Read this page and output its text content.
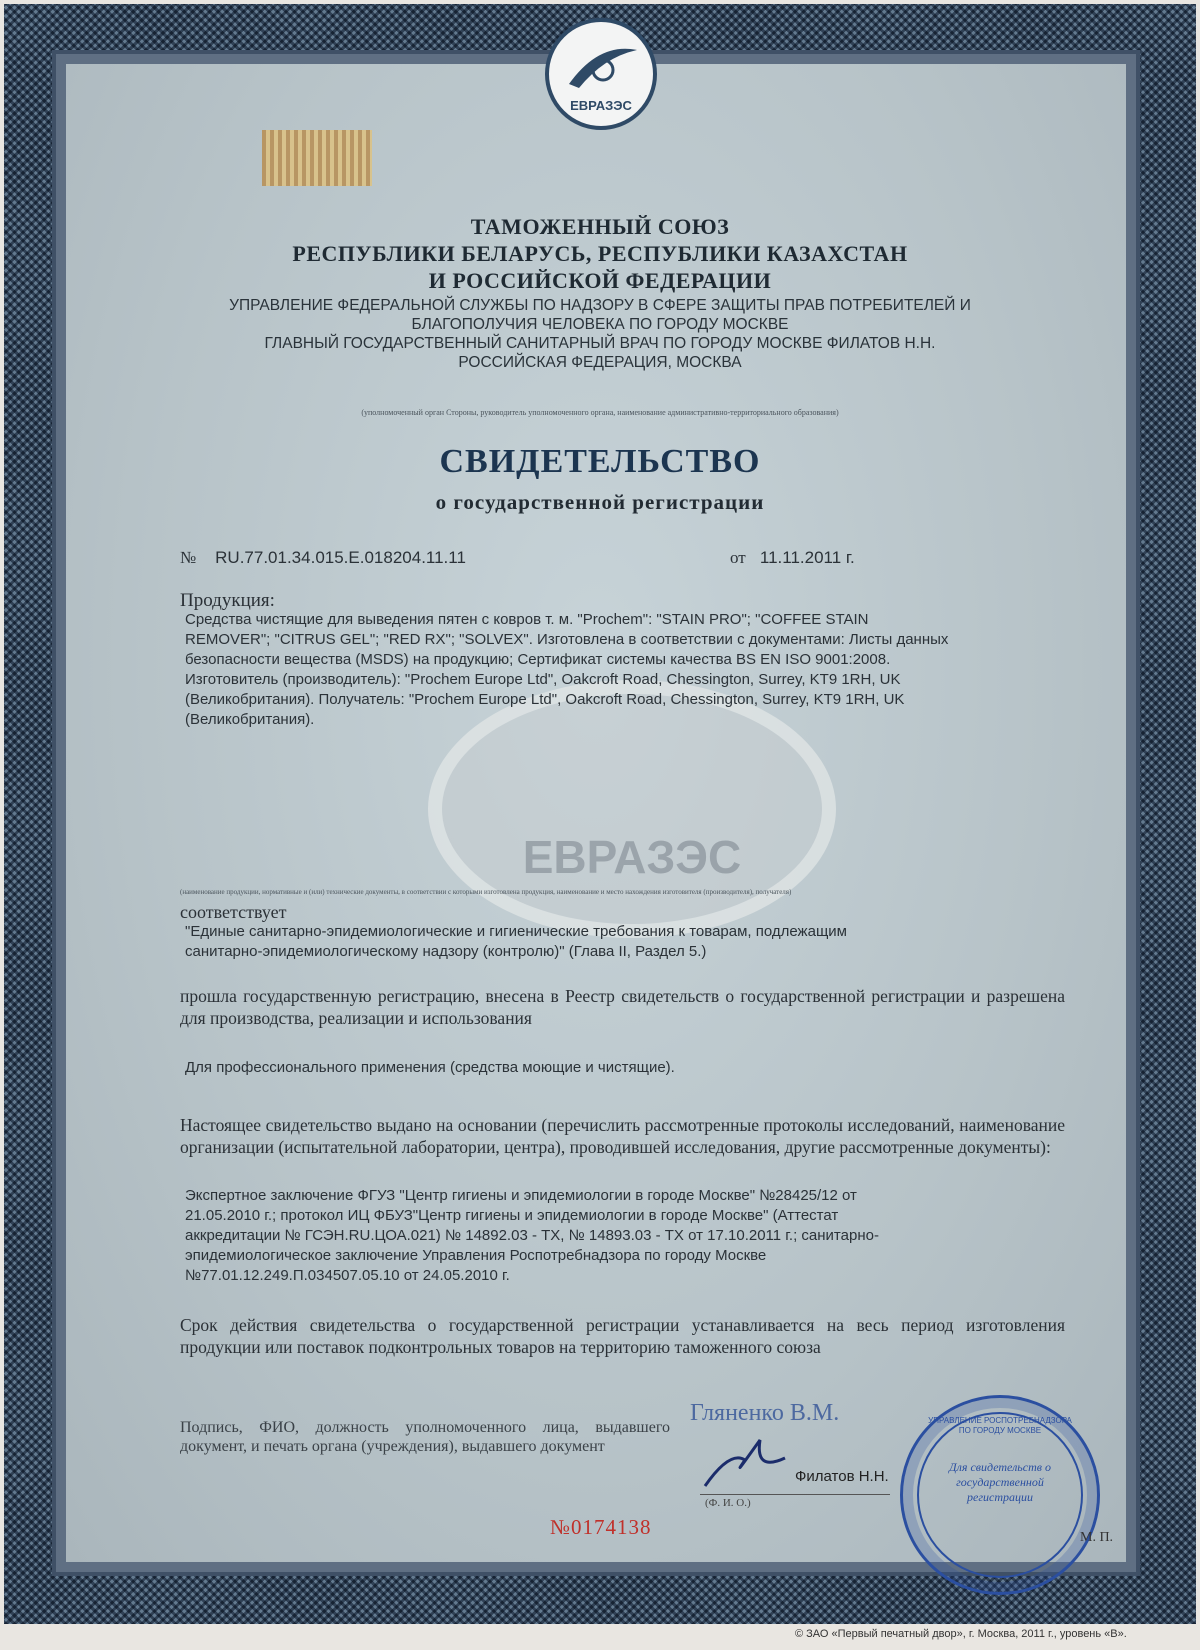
ЕВРАЗЭС
ТАМОЖЕННЫЙ СОЮЗ
РЕСПУБЛИКИ БЕЛАРУСЬ, РЕСПУБЛИКИ КАЗАХСТАН
И РОССИЙСКОЙ ФЕДЕРАЦИИ
УПРАВЛЕНИЕ ФЕДЕРАЛЬНОЙ СЛУЖБЫ ПО НАДЗОРУ В СФЕРЕ ЗАЩИТЫ ПРАВ ПОТРЕБИТЕЛЕЙ И
БЛАГОПОЛУЧИЯ ЧЕЛОВЕКА ПО ГОРОДУ МОСКВЕ
ГЛАВНЫЙ ГОСУДАРСТВЕННЫЙ САНИТАРНЫЙ ВРАЧ ПО ГОРОДУ МОСКВЕ ФИЛАТОВ Н.Н.
РОССИЙСКАЯ ФЕДЕРАЦИЯ, МОСКВА
(уполномоченный орган Стороны, руководитель уполномоченного органа, наименование административно-территориального образования)
СВИДЕТЕЛЬСТВО
о государственной регистрации
№ RU.77.01.34.015.E.018204.11.11	от 11.11.2011 г.
ЕВРАЗЭС
Продукция:
Средства чистящие для выведения пятен с ковров т. м. "Prochem": "STAIN PRO"; "COFFEE STAIN
REMOVER"; "CITRUS GEL"; "RED RX"; "SOLVEX". Изготовлена в соответствии с документами: Листы данных
безопасности вещества (MSDS) на продукцию; Сертификат системы качества BS EN ISO 9001:2008.
Изготовитель (производитель): "Prochem Europe Ltd", Oakcroft Road, Chessington, Surrey, KT9 1RH, UK
(Великобритания). Получатель: "Prochem Europe Ltd", Oakcroft Road, Chessington, Surrey, KT9 1RH, UK
(Великобритания).
(наименование продукции, нормативные и (или) технические документы, в соответствии с которыми изготовлена продукция, наименование и место нахождения изготовителя (производителя), получателя)
соответствует
"Единые санитарно-эпидемиологические и гигиенические требования к товарам, подлежащим
санитарно-эпидемиологическому надзору (контролю)" (Глава II, Раздел 5.)
прошла государственную регистрацию, внесена в Реестр свидетельств о государственной регистрации и разрешена для производства, реализации и использования
Для профессионального применения (средства моющие и чистящие).
Настоящее свидетельство выдано на основании (перечислить рассмотренные протоколы исследований, наименование организации (испытательной лаборатории, центра), проводившей исследования, другие рассмотренные документы):
Экспертное заключение ФГУЗ "Центр гигиены и эпидемиологии в городе Москве" №28425/12 от
21.05.2010 г.; протокол ИЦ ФБУЗ"Центр гигиены и эпидемиологии в городе Москве" (Аттестат
аккредитации № ГСЭН.RU.ЦОА.021) № 14892.03 - ТХ, № 14893.03 - ТХ от 17.10.2011 г.; санитарно-
эпидемиологическое заключение Управления Роспотребнадзора по городу Москве
№77.01.12.249.П.034507.05.10 от 24.05.2010 г.
Срок действия свидетельства о государственной регистрации устанавливается на весь период изготовления продукции или поставок подконтрольных товаров на территорию таможенного союза
Подпись, ФИО, должность уполномоченного лица, выдавшего документ, и печать органа (учреждения), выдавшего документ
Гляненко В.М.
Филатов Н.Н.
(Ф. И. О.)
УПРАВЛЕНИЕ РОСПОТРЕБНАДЗОРА ПО ГОРОДУ МОСКВЕ
Для свидетельств о государственной регистрации
М. П.
№0174138
© ЗАО «Первый печатный двор», г. Москва, 2011 г., уровень «В».
